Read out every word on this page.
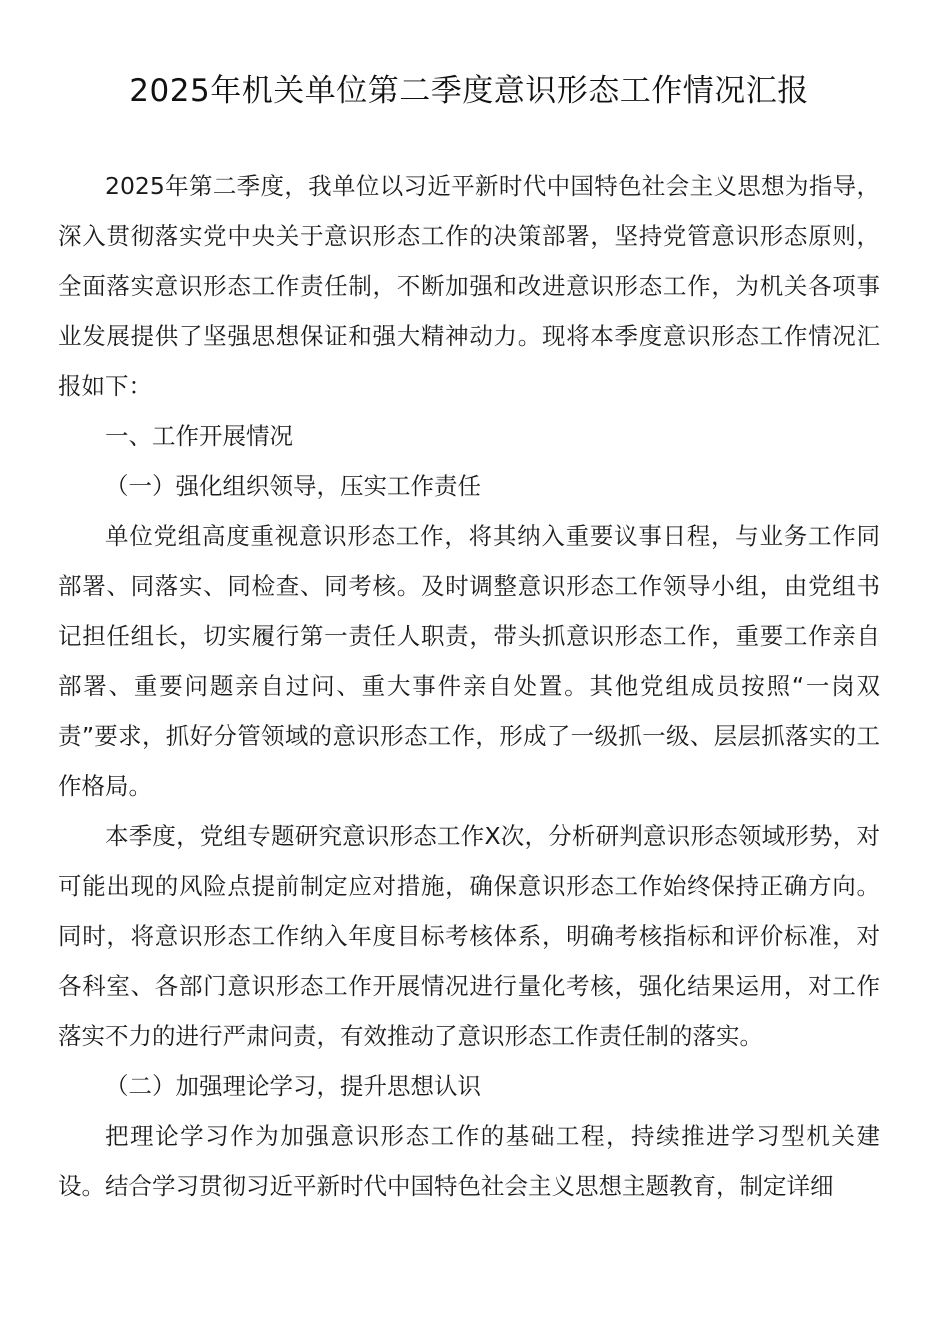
2025年机关单位第二季度意识形态工作情况汇报

2025年第二季度，我单位以习近平新时代中国特色社会主义思想为指导，深入贯彻落实党中央关于意识形态工作的决策部署，坚持党管意识形态原则，全面落实意识形态工作责任制，不断加强和改进意识形态工作，为机关各项事业发展提供了坚强思想保证和强大精神动力。现将本季度意识形态工作情况汇报如下：

一、工作开展情况

（一）强化组织领导，压实工作责任

单位党组高度重视意识形态工作，将其纳入重要议事日程，与业务工作同部署、同落实、同检查、同考核。及时调整意识形态工作领导小组，由党组书记担任组长，切实履行第一责任人职责，带头抓意识形态工作，重要工作亲自部署、重要问题亲自过问、重大事件亲自处置。其他党组成员按照“一岗双责”要求，抓好分管领域的意识形态工作，形成了一级抓一级、层层抓落实的工作格局。

本季度，党组专题研究意识形态工作X次，分析研判意识形态领域形势，对可能出现的风险点提前制定应对措施，确保意识形态工作始终保持正确方向。同时，将意识形态工作纳入年度目标考核体系，明确考核指标和评价标准，对各科室、各部门意识形态工作开展情况进行量化考核，强化结果运用，对工作落实不力的进行严肃问责，有效推动了意识形态工作责任制的落实。

（二）加强理论学习，提升思想认识

把理论学习作为加强意识形态工作的基础工程，持续推进学习型机关建设。结合学习贯彻习近平新时代中国特色社会主义思想主题教育，制定详细
